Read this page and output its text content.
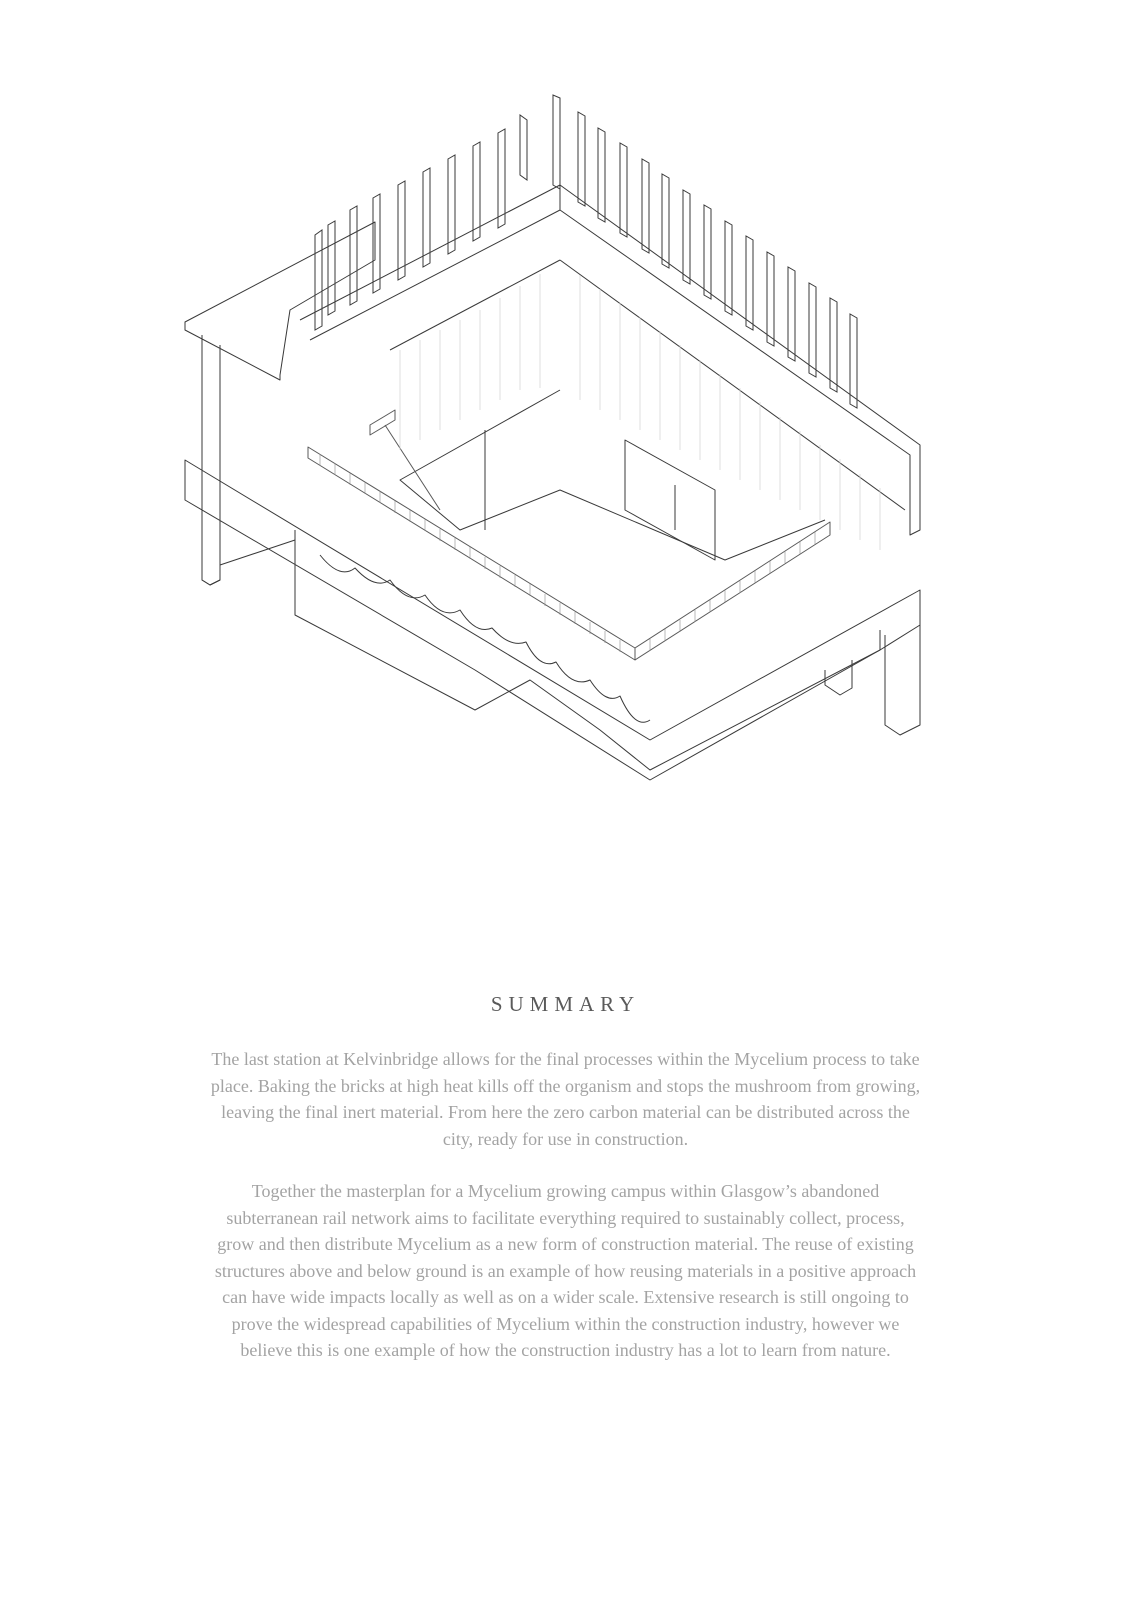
SUMMARY

The last station at Kelvinbridge allows for the final processes within the Mycelium process to take place. Baking the bricks at high heat kills off the organism and stops the mushroom from growing, leaving the final inert material. From here the zero carbon material can be distributed across the city, ready for use in construction.

Together the masterplan for a Mycelium growing campus within Glasgow’s abandoned subterranean rail network aims to facilitate everything required to sustainably collect, process, grow and then distribute Mycelium as a new form of construction material. The reuse of existing structures above and below ground is an example of how reusing materials in a positive approach can have wide impacts locally as well as on a wider scale. Extensive research is still ongoing to prove the widespread capabilities of Mycelium within the construction industry, however we believe this is one example of how the construction industry has a lot to learn from nature.
